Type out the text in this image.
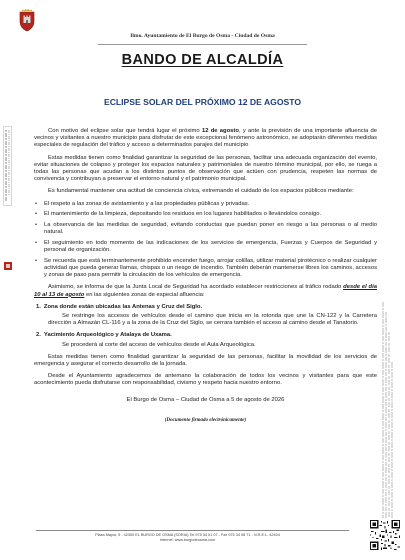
Ilmo. Ayuntamiento de El Burgo de Osma - Ciudad de Osma
BANDO DE ALCALDÍA
ECLIPSE SOLAR DEL PRÓXIMO 12 DE AGOSTO

Con motivo del eclipse solar que tendrá lugar el próximo 12 de agosto, y ante la previsión de una importante afluencia de vecinos y visitantes a nuestro municipio para disfrutar de este excepcional fenómeno astronómico, se adoptarán diferentes medidas especiales de regulación del tráfico y acceso a determinados parajes del municipio

Estas medidas tienen como finalidad garantizar la seguridad de las personas, facilitar una adecuada organización del evento, evitar situaciones de colapso y proteger los espacios naturales y patrimoniales de nuestro término municipal, por ello, se ruega a todas las personas que acudan a los distintos puntos de observación que actúen con prudencia, respeten las normas de convivencia y contribuyan a preservar el entorno natural y el patrimonio municipal.

Es fundamental mantener una actitud de conciencia cívica, extremando el cuidado de los espacios públicos mediante:

• El respeto a las zonas de avistamiento y a las propiedades públicas y privadas.
• El mantenimiento de la limpieza, depositando los residuos en los lugares habilitados o llevándolos consigo.
• La observancia de las medidas de seguridad, evitando conductas que puedan poner en riesgo a las personas o al medio natural.
• El seguimiento en todo momento de las indicaciones de los servicios de emergencia, Fuerzas y Cuerpos de Seguridad y personal de organización.
• Se recuerda que está terminantemente prohibido encender fuego, arrojar colillas, utilizar material pirotécnico o realizar cualquier actividad que pueda generar llamas, chispas o un riesgo de incendio. También deberán mantenerse libres los caminos, accesos y zonas de paso para permitir la circulación de los vehículos de emergencia.

Asimismo, se informa de que la Junta Local de Seguridad ha acordado establecer restricciones al tráfico rodado desde el día 10 al 13 de agosto en las siguientes zonas de especial afluencia:

1. Zona donde están ubicadas las Antenas y Cruz del Siglo.

Se restringe los accesos de vehículos desde el camino que inicia en la rotonda que une la CN-122 y la Carretera dirección a Almazán CL-116 y a la zona de la Cruz del Siglo, se cerrara también el acceso al camino desde el Tanatorio.

2. Yacimiento Arqueológico y Atalaya de Uxama.

Se procederá al corte del acceso de vehículos desde el Aula Arqueológica.

Estas medidas tienen como finalidad garantizar la seguridad de las personas, facilitar la movilidad de los servicios de emergencia y asegurar el correcto desarrollo de la jornada.

Desde el Ayuntamiento agradecemos de antemano la colaboración de todos los vecinos y visitantes para que este acontecimiento pueda disfrutarse con responsabilidad, civismo y respeto hacia nuestro entorno.

El Burgo de Osma – Ciudad de Osma a 5 de agosto de 2026
(Documento firmado electrónicamente)
Plaza Mayor, 9 - 42300 EL BURGO DE OSMA (SORIA) Tel 975 34 01 07 - Fax 975 34 08 71 - N.R.E.L. 42404
Internet: www.burgodeosma.com
